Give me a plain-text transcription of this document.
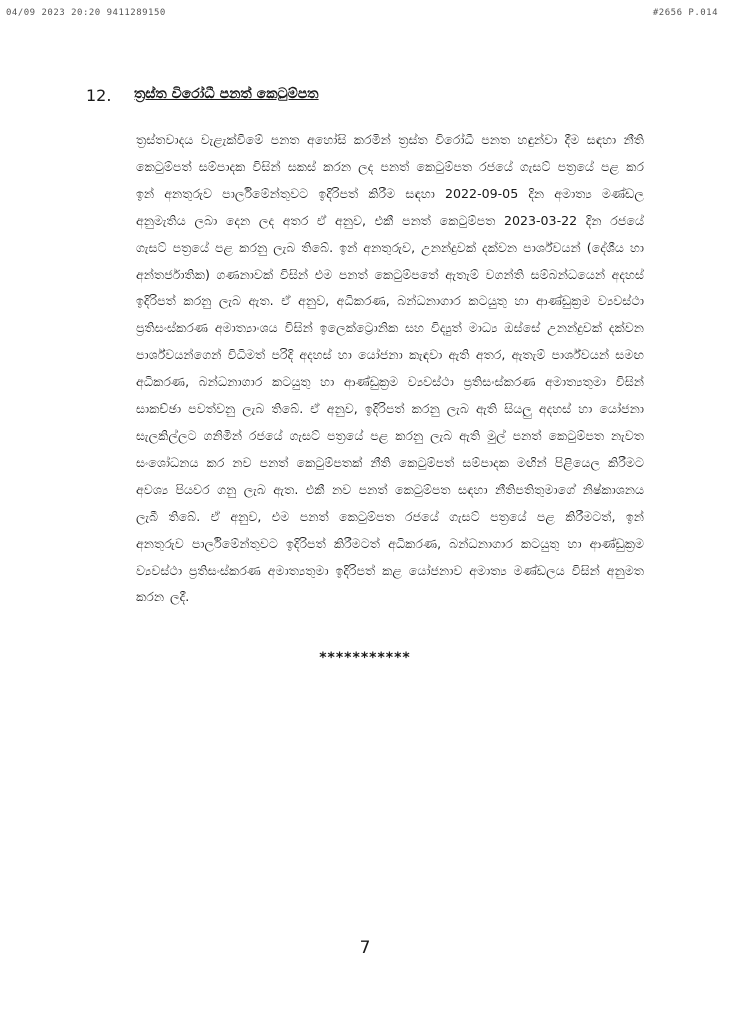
04/09 2023 20:20 9411289150	#2656 P.014
12. ත්‍රස්ත විරෝධී පනත් කෙටුම්පත

ත්‍රස්තවාදය වැළැක්වීමේ පනත අහෝසි කරමින් ත්‍රස්ත විරෝධී පනත හඳුන්වා දීම සඳහා නීති කෙටුම්පත් සම්පාදක විසින් සකස් කරන ලද පනත් කෙටුම්පත රජයේ ගැසට් පත්‍රයේ පළ කර ඉන් අනතුරුව පාර්ලිමේන්තුවට ඉදිරිපත් කිරීම සඳහා 2022-09-05 දින අමාත්‍ය මණ්ඩල අනුමැතිය ලබා දෙන ලද අතර ඒ අනුව, එකී පනත් කෙටුම්පත 2023-03-22 දින රජයේ ගැසට් පත්‍රයේ පළ කරනු ලැබ තිබේ. ඉන් අනතුරුව, උනන්දුවක් දක්වන පාර්ශ්වයන් (දේශීය හා අන්තර්ජාතික) ගණනාවක් විසින් එම පනත් කෙටුම්පතේ ඇතැම් වගන්ති සම්බන්ධයෙන් අදහස් ඉදිරිපත් කරනු ලැබ ඇත. ඒ අනුව, අධිකරණ, බන්ධනාගාර කටයුතු හා ආණ්ඩුක්‍රම ව්‍යවස්ථා ප්‍රතිසංස්කරණ අමාත්‍යාංශය විසින් ඉලෙක්ට්‍රොනික සහ විද්‍යුත් මාධ්‍ය ඔස්සේ උනන්දුවක් දක්වන පාර්ශ්වයන්ගෙන් විධිමත් පරිදි අදහස් හා යෝජනා කැඳවා ඇති අතර, ඇතැම් පාර්ශ්වයන් සමඟ අධිකරණ, බන්ධනාගාර කටයුතු හා ආණ්ඩුක්‍රම ව්‍යවස්ථා ප්‍රතිසංස්කරණ අමාත්‍යතුමා විසින් සාකච්ඡා පවත්වනු ලැබ තිබේ. ඒ අනුව, ඉදිරිපත් කරනු ලැබ ඇති සියලු අදහස් හා යෝජනා සැලකිල්ලට ගනිමින් රජයේ ගැසට් පත්‍රයේ පළ කරනු ලැබ ඇති මුල් පනත් කෙටුම්පත නැවත සංශෝධනය කර නව පනත් කෙටුම්පතක් නීති කෙටුම්පත් සම්පාදක මඟින් පිළියෙල කිරීමට අවශ්‍ය පියවර ගනු ලැබ ඇත. එකී නව පනත් කෙටුම්පත සඳහා නීතිපතිතුමාගේ නිෂ්කාශනය ලැබී තිබේ. ඒ අනුව, එම පනත් කෙටුම්පත රජයේ ගැසට් පත්‍රයේ පළ කිරීමටත්, ඉන් අනතුරුව පාර්ලිමේන්තුවට ඉදිරිපත් කිරීමටත් අධිකරණ, බන්ධනාගාර කටයුතු හා ආණ්ඩුක්‍රම ව්‍යවස්ථා ප්‍රතිසංස්කරණ අමාත්‍යතුමා ඉදිරිපත් කළ යෝජනාව අමාත්‍ය මණ්ඩලය විසින් අනුමත කරන ලදී.

***********
7
